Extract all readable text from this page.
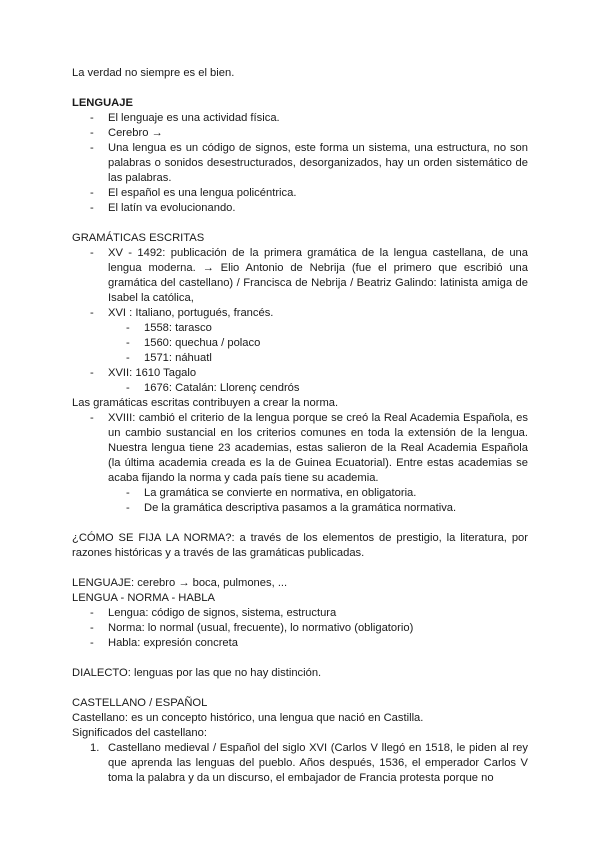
La verdad no siempre es el bien.

LENGUAJE

- El lenguaje es una actividad física.
- Cerebro →
- Una lengua es un código de signos, este forma un sistema, una estructura, no son palabras o sonidos desestructurados, desorganizados, hay un orden sistemático de las palabras.
- El español es una lengua policéntrica.
- El latín va evolucionando.

GRAMÁTICAS ESCRITAS

- XV - 1492: publicación de la primera gramática de la lengua castellana, de una lengua moderna. → Elio Antonio de Nebrija (fue el primero que escribió una gramática del castellano) / Francisca de Nebrija / Beatriz Galindo: latinista amiga de Isabel la católica,
- XVI : Italiano, portugués, francés.
- 1558: tarasco
- 1560: quechua / polaco
- 1571: náhuatl
- XVII: 1610 Tagalo
- 1676: Catalán: Llorenç cendrós

Las gramáticas escritas contribuyen a crear la norma.

- XVIII: cambió el criterio de la lengua porque se creó la Real Academia Española, es un cambio sustancial en los criterios comunes en toda la extensión de la lengua. Nuestra lengua tiene 23 academias, estas salieron de la Real Academia Española (la última academia creada es la de Guinea Ecuatorial). Entre estas academias se acaba fijando la norma y cada país tiene su academia.
- La gramática se convierte en normativa, en obligatoria.
- De la gramática descriptiva pasamos a la gramática normativa.

¿CÓMO SE FIJA LA NORMA?: a través de los elementos de prestigio, la literatura, por razones históricas y a través de las gramáticas publicadas.

LENGUAJE: cerebro → boca, pulmones, ...

LENGUA - NORMA - HABLA

- Lengua: código de signos, sistema, estructura
- Norma: lo normal (usual, frecuente), lo normativo (obligatorio)
- Habla: expresión concreta

DIALECTO: lenguas por las que no hay distinción.

CASTELLANO / ESPAÑOL

Castellano: es un concepto histórico, una lengua que nació en Castilla.

Significados del castellano:

1. Castellano medieval / Español del siglo XVI (Carlos V llegó en 1518, le piden al rey que aprenda las lenguas del pueblo. Años después, 1536, el emperador Carlos V toma la palabra y da un discurso, el embajador de Francia protesta porque no
